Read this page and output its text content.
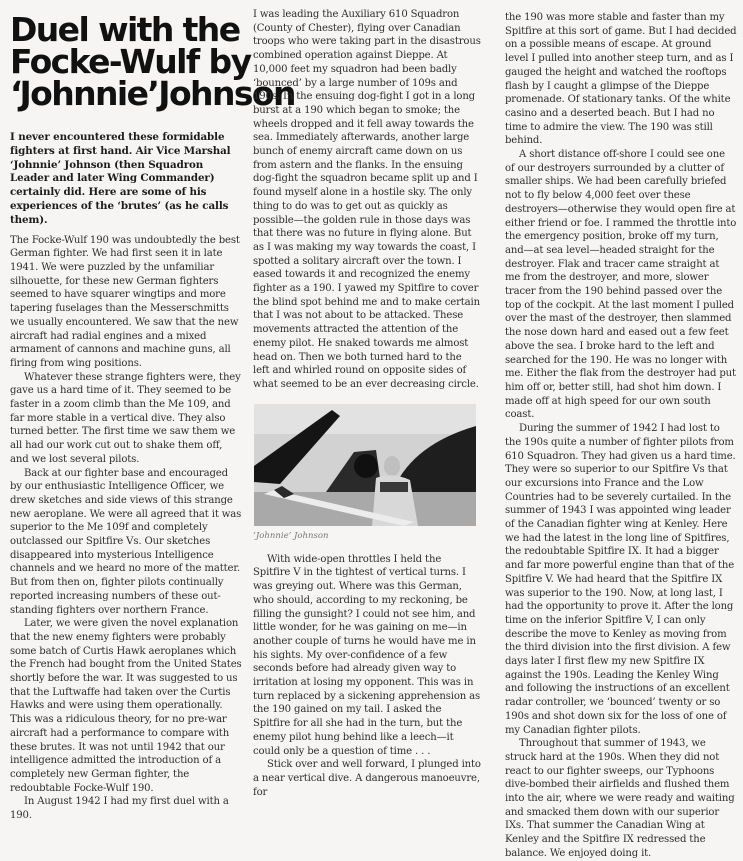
Duel with the
Focke-Wulf by
‘Johnnie’Johnson

I never encountered these formidable fighters at first hand. Air Vice Marshal ‘Johnnie’ Johnson (then Squadron Leader and later Wing Commander) certainly did. Here are some of his experiences of the ‘brutes’ (as he calls them).

The Focke-Wulf 190 was undoubtedly the best German fighter. We had first seen it in late 1941. We were puzzled by the unfamiliar silhouette, for these new German fighters seemed to have squarer wingtips and more tapering fuselages than the Messerschmitts we usually encountered. We saw that the new aircraft had radial engines and a mixed armament of cannons and machine guns, all firing from wing positions.

Whatever these strange fighters were, they gave us a hard time of it. They seemed to be faster in a zoom climb than the Me 109, and far more stable in a vertical dive. They also turned better. The first time we saw them we all had our work cut out to shake them off, and we lost several pilots.

Back at our fighter base and encouraged by our enthusiastic Intelligence Officer, we drew sketches and side views of this strange new aeroplane. We were all agreed that it was superior to the Me 109f and completely outclassed our Spitfire Vs. Our sketches disappeared into mysterious Intelligence channels and we heard no more of the matter. But from then on, fighter pilots continually reported increasing numbers of these out-standing fighters over northern France.

Later, we were given the novel explanation that the new enemy fighters were probably some batch of Curtis Hawk aeroplanes which the French had bought from the United States shortly before the war. It was suggested to us that the Luftwaffe had taken over the Curtis Hawks and were using them operationally. This was a ridiculous theory, for no pre-war aircraft had a performance to compare with these brutes. It was not until 1942 that our intelligence admitted the introduction of a completely new German fighter, the redoubtable Focke-Wulf 190.

In August 1942 I had my first duel with a 190.

I was leading the Auxiliary 610 Squadron (County of Chester), flying over Canadian troops who were taking part in the disastrous combined operation against Dieppe. At 10,000 feet my squadron had been badly ‘bounced’ by a large number of 109s and 190s. In the ensuing dog-fight I got in a long burst at a 190 which began to smoke; the wheels dropped and it fell away towards the sea. Immediately afterwards, another large bunch of enemy aircraft came down on us from astern and the flanks. In the ensuing dog-fight the squadron became split up and I found myself alone in a hostile sky. The only thing to do was to get out as quickly as possible—the golden rule in those days was that there was no future in flying alone. But as I was making my way towards the coast, I spotted a solitary aircraft over the town. I eased towards it and recognized the enemy fighter as a 190. I yawed my Spitfire to cover the blind spot behind me and to make certain that I was not about to be attacked. These movements attracted the attention of the enemy pilot. He snaked towards me almost head on. Then we both turned hard to the left and whirled round on opposite sides of what seemed to be an ever decreasing circle.

‘Johnnie’ Johnson

With wide-open throttles I held the Spitfire V in the tightest of vertical turns. I was greying out. Where was this German, who should, according to my reckoning, be filling the gunsight? I could not see him, and little wonder, for he was gaining on me—in another couple of turns he would have me in his sights. My over-confidence of a few seconds before had already given way to irritation at losing my opponent. This was in turn replaced by a sickening apprehension as the 190 gained on my tail. I asked the Spitfire for all she had in the turn, but the enemy pilot hung behind like a leech—it could only be a question of time . . .

Stick over and well forward, I plunged into a near vertical dive. A dangerous manoeuvre, for

the 190 was more stable and faster than my Spitfire at this sort of game. But I had decided on a possible means of escape. At ground level I pulled into another steep turn, and as I gauged the height and watched the rooftops flash by I caught a glimpse of the Dieppe promenade. Of stationary tanks. Of the white casino and a deserted beach. But I had no time to admire the view. The 190 was still behind.

A short distance off-shore I could see one of our destroyers surrounded by a clutter of smaller ships. We had been carefully briefed not to fly below 4,000 feet over these destroyers—otherwise they would open fire at either friend or foe. I rammed the throttle into the emergency position, broke off my turn, and—at sea level—headed straight for the destroyer. Flak and tracer came straight at me from the destroyer, and more, slower tracer from the 190 behind passed over the top of the cockpit. At the last moment I pulled over the mast of the destroyer, then slammed the nose down hard and eased out a few feet above the sea. I broke hard to the left and searched for the 190. He was no longer with me. Either the flak from the destroyer had put him off or, better still, had shot him down. I made off at high speed for our own south coast.

During the summer of 1942 I had lost to the 190s quite a number of fighter pilots from 610 Squadron. They had given us a hard time. They were so superior to our Spitfire Vs that our excursions into France and the Low Countries had to be severely curtailed. In the summer of 1943 I was appointed wing leader of the Canadian fighter wing at Kenley. Here we had the latest in the long line of Spitfires, the redoubtable Spitfire IX. It had a bigger and far more powerful engine than that of the Spitfire V. We had heard that the Spitfire IX was superior to the 190. Now, at long last, I had the opportunity to prove it. After the long time on the inferior Spitfire V, I can only describe the move to Kenley as moving from the third division into the first division. A few days later I first flew my new Spitfire IX against the 190s. Leading the Kenley Wing and following the instructions of an excellent radar controller, we ‘bounced’ twenty or so 190s and shot down six for the loss of one of my Canadian fighter pilots.

Throughout that summer of 1943, we struck hard at the 190s. When they did not react to our fighter sweeps, our Typhoons dive-bombed their airfields and flushed them into the air, where we were ready and waiting and smacked them down with our superior IXs. That summer the Canadian Wing at Kenley and the Spitfire IX redressed the balance. We enjoyed doing it.
